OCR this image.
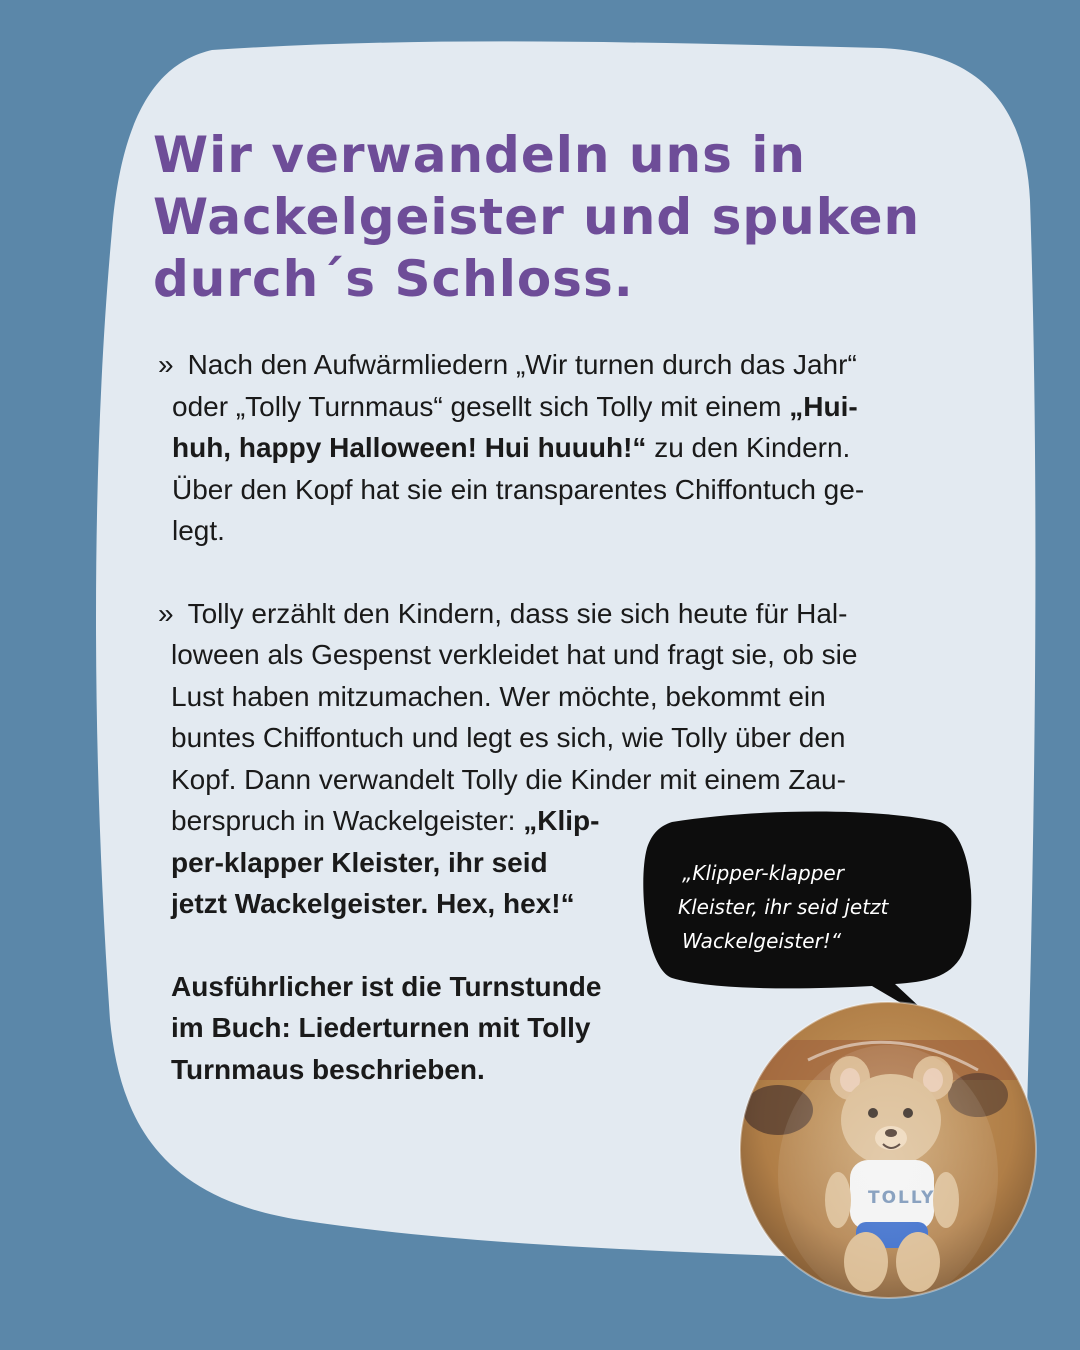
Wir verwandeln uns in
Wackelgeister und spuken
durch´s Schloss.
» Nach den Aufwärmliedern „Wir turnen durch das Jahr“
oder „Tolly Turnmaus“ gesellt sich Tolly mit einem „Hui-
huh, happy Halloween! Hui huuuh!“ zu den Kindern.
Über den Kopf hat sie ein transparentes Chiffontuch ge-
legt.
» Tolly erzählt den Kindern, dass sie sich heute für Hal-
loween als Gespenst verkleidet hat und fragt sie, ob sie
Lust haben mitzumachen. Wer möchte, bekommt ein
buntes Chiffontuch und legt es sich, wie Tolly über den
Kopf. Dann verwandelt Tolly die Kinder mit einem Zau-
berspruch in Wackelgeister: „Klip-
per-klapper Kleister, ihr seid
jetzt Wackelgeister. Hex, hex!“
Ausführlicher ist die Turnstunde
im Buch: Liederturnen mit Tolly
Turnmaus beschrieben.
„Klipper-klapper
Kleister, ihr seid jetzt
Wackelgeister!“
TOLLY
